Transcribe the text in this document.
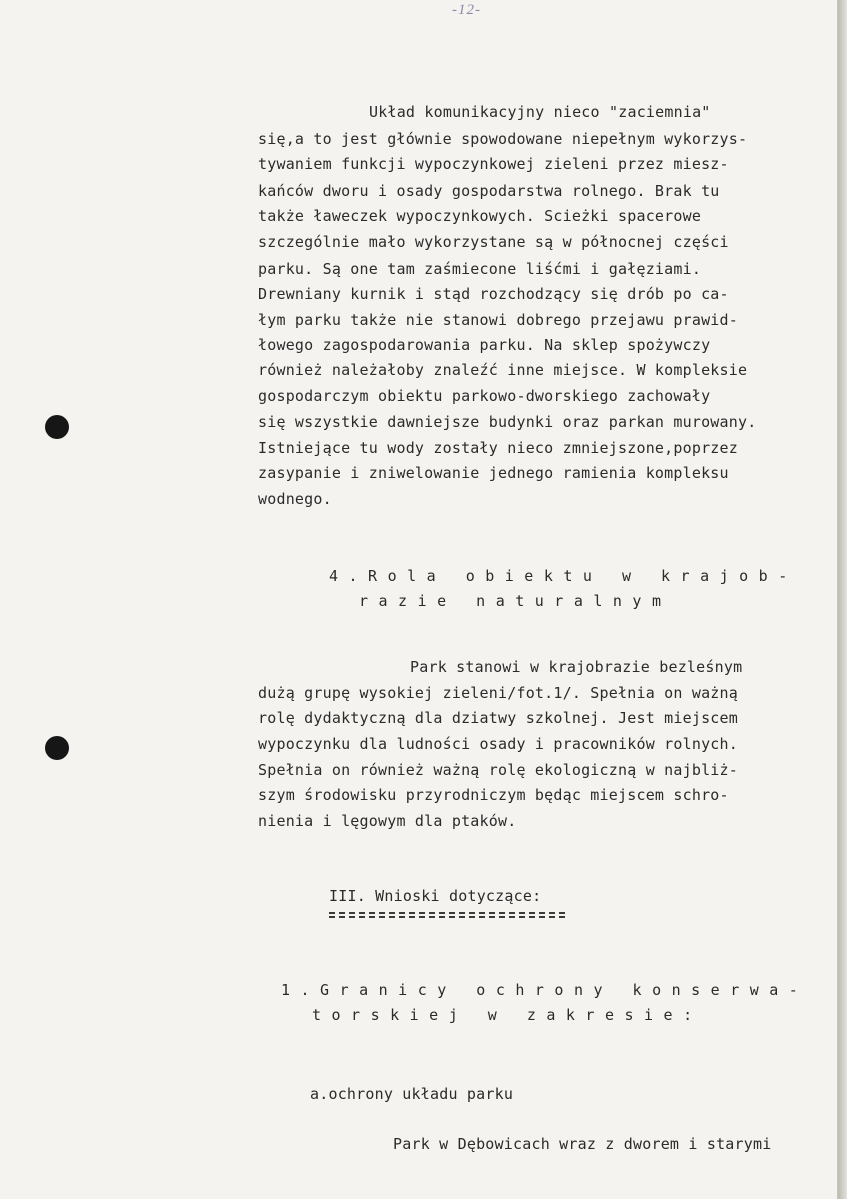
-12-
Układ komunikacyjny nieco "zaciemnia"
się,a to jest głównie spowodowane niepełnym wykorzys-
tywaniem funkcji wypoczynkowej zieleni przez miesz-
kańców dworu i osady gospodarstwa rolnego. Brak tu
także ławeczek wypoczynkowych. Scieżki spacerowe
szczególnie mało wykorzystane są w północnej części
parku. Są one tam zaśmiecone liśćmi i gałęziami.
Drewniany kurnik i stąd rozchodzący się drób po ca-
łym parku także nie stanowi dobrego przejawu prawid-
łowego zagospodarowania parku. Na sklep spożywczy
również należałoby znaleźć inne miejsce. W kompleksie
gospodarczym obiektu parkowo-dworskiego zachowały
się wszystkie dawniejsze budynki oraz parkan murowany.
Istniejące tu wody zostały nieco zmniejszone,poprzez
zasypanie i zniwelowanie jednego ramienia kompleksu
wodnego.
4.Rola obiektu w krajob-
razie naturalnym
Park stanowi w krajobrazie bezleśnym
dużą grupę wysokiej zieleni/fot.1/. Spełnia on ważną
rolę dydaktyczną dla dziatwy szkolnej. Jest miejscem
wypoczynku dla ludności osady i pracowników rolnych.
Spełnia on również ważną rolę ekologiczną w najbliż-
szym środowisku przyrodniczym będąc miejscem schro-
nienia i lęgowym dla ptaków.
III. Wnioski dotyczące:
1.Granicy ochrony konserwa-
torskiej w zakresie:
a.ochrony układu parku
Park w Dębowicach wraz z dworem i starymi
